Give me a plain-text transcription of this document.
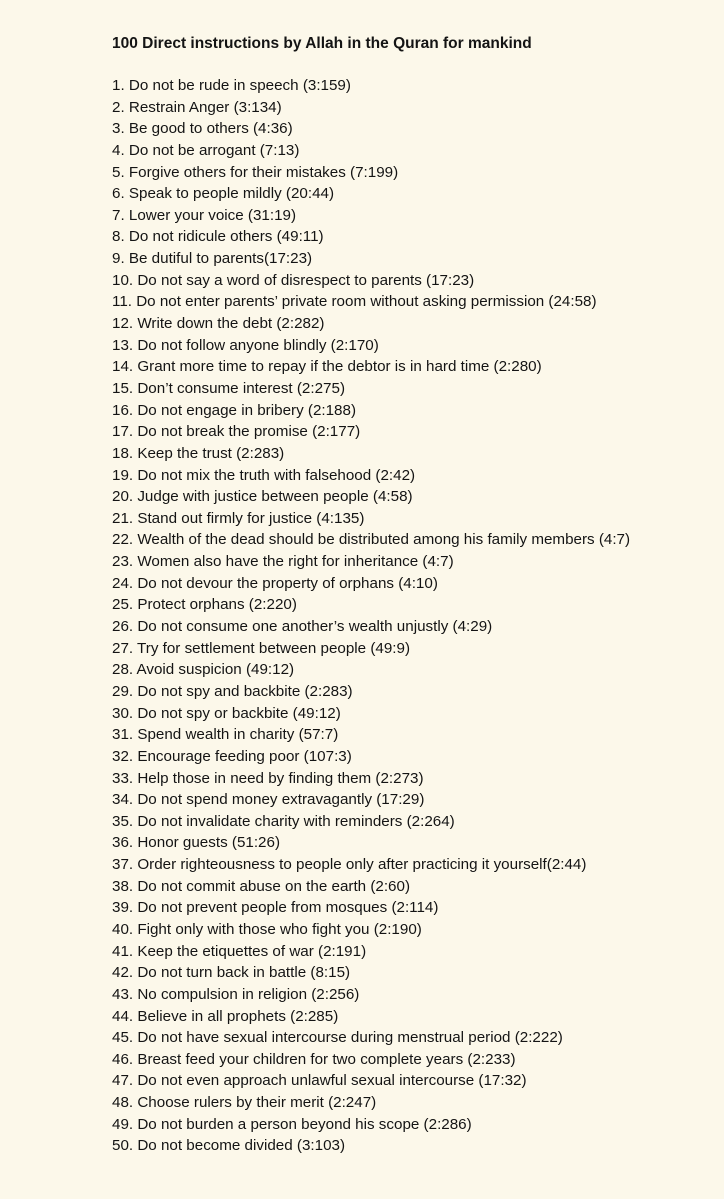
100 Direct instructions by Allah in the Quran for mankind
1. Do not be rude in speech (3:159)
2. Restrain Anger (3:134)
3. Be good to others (4:36)
4. Do not be arrogant (7:13)
5. Forgive others for their mistakes (7:199)
6. Speak to people mildly (20:44)
7. Lower your voice (31:19)
8. Do not ridicule others (49:11)
9. Be dutiful to parents(17:23)
10. Do not say a word of disrespect to parents (17:23)
11. Do not enter parents’ private room without asking permission (24:58)
12. Write down the debt (2:282)
13. Do not follow anyone blindly (2:170)
14. Grant more time to repay if the debtor is in hard time (2:280)
15. Don’t consume interest (2:275)
16. Do not engage in bribery (2:188)
17. Do not break the promise (2:177)
18. Keep the trust (2:283)
19. Do not mix the truth with falsehood (2:42)
20. Judge with justice between people (4:58)
21. Stand out firmly for justice (4:135)
22. Wealth of the dead should be distributed among his family members (4:7)
23. Women also have the right for inheritance (4:7)
24. Do not devour the property of orphans (4:10)
25. Protect orphans (2:220)
26. Do not consume one another’s wealth unjustly (4:29)
27. Try for settlement between people (49:9)
28. Avoid suspicion (49:12)
29. Do not spy and backbite (2:283)
30. Do not spy or backbite (49:12)
31. Spend wealth in charity (57:7)
32. Encourage feeding poor (107:3)
33. Help those in need by finding them (2:273)
34. Do not spend money extravagantly (17:29)
35. Do not invalidate charity with reminders (2:264)
36. Honor guests (51:26)
37. Order righteousness to people only after practicing it yourself(2:44)
38. Do not commit abuse on the earth (2:60)
39. Do not prevent people from mosques (2:114)
40. Fight only with those who fight you (2:190)
41. Keep the etiquettes of war (2:191)
42. Do not turn back in battle (8:15)
43. No compulsion in religion (2:256)
44. Believe in all prophets (2:285)
45. Do not have sexual intercourse during menstrual period (2:222)
46. Breast feed your children for two complete years (2:233)
47. Do not even approach unlawful sexual intercourse (17:32)
48. Choose rulers by their merit (2:247)
49. Do not burden a person beyond his scope (2:286)
50. Do not become divided (3:103)
